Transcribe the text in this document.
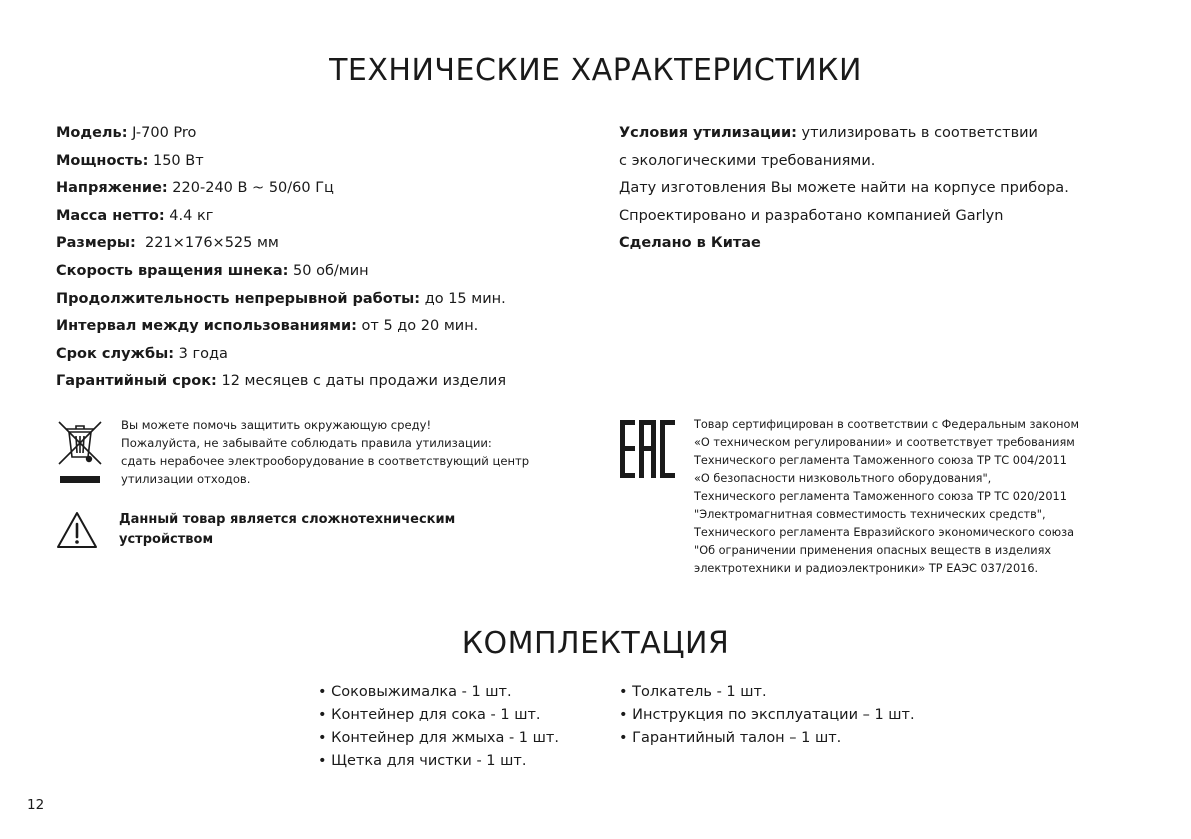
ТЕХНИЧЕСКИЕ ХАРАКТЕРИСТИКИ
Модель: J-700 Pro
Мощность: 150 Вт
Напряжение: 220-240 В ~ 50/60 Гц
Масса нетто: 4.4 кг
Размеры:  221×176×525 мм
Скорость вращения шнека: 50 об/мин
Продолжительность непрерывной работы: до 15 мин.
Интервал между использованиями: от 5 до 20 мин.
Срок службы: 3 года
Гарантийный срок: 12 месяцев с даты продажи изделия
Условия утилизации: утилизировать в соответствии
с экологическими требованиями.
Дату изготовления Вы можете найти на корпусе прибора.
Спроектировано и разработано компанией Garlyn
Сделано в Китае
Вы можете помочь защитить окружающую среду!
Пожалуйста, не забывайте соблюдать правила утилизации:
сдать нерабочее электрооборудование в соответствующий центр
утилизации отходов.
Данный товар является сложнотехническим
устройством
Товар сертифицирован в соответствии с Федеральным законом
«О техническом регулировании» и соответствует требованиям
Технического регламента Таможенного союза ТР ТС 004/2011
«О безопасности низковольтного оборудования",
Технического регламента Таможенного союза ТР ТС 020/2011
"Электромагнитная совместимость технических средств",
Технического регламента Евразийского экономического союза
"Об ограничении применения опасных веществ в изделиях
электротехники и радиоэлектроники» ТР ЕАЭС 037/2016.
КОМПЛЕКТАЦИЯ
• Соковыжималка - 1 шт.
• Контейнер для сока - 1 шт.
• Контейнер для жмыха - 1 шт.
• Щетка для чистки - 1 шт.
• Толкатель - 1 шт.
• Инструкция по эксплуатации – 1 шт.
• Гарантийный талон – 1 шт.
12
